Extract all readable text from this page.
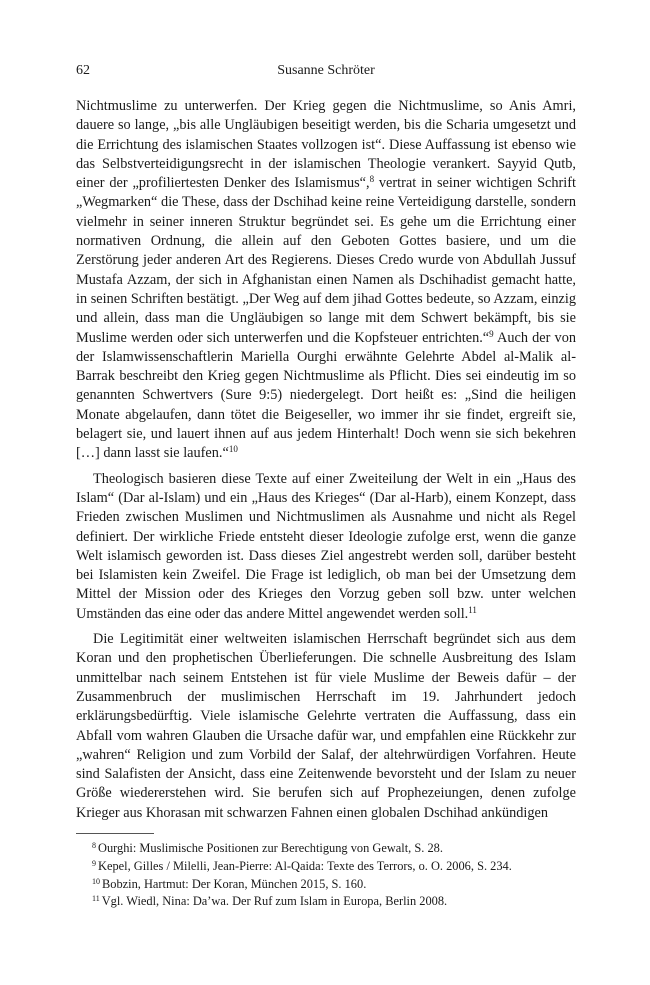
62	Susanne Schröter

Nichtmuslime zu unterwerfen. Der Krieg gegen die Nichtmuslime, so Anis Amri, dauere so lange, „bis alle Ungläubigen beseitigt werden, bis die Scharia umgesetzt und die Errichtung des islamischen Staates vollzogen ist“. Diese Auffassung ist ebenso wie das Selbstverteidigungsrecht in der islamischen Theologie verankert. Sayyid Qutb, einer der „profiliertesten Denker des Islamismus“,$^8$ vertrat in seiner wichtigen Schrift „Wegmarken“ die These, dass der Dschihad keine reine Verteidigung darstelle, sondern vielmehr in seiner inneren Struktur begründet sei. Es gehe um die Errichtung einer normativen Ordnung, die allein auf den Geboten Gottes basiere, und um die Zerstörung jeder anderen Art des Regierens. Dieses Credo wurde von Abdullah Jussuf Mustafa Azzam, der sich in Afghanistan einen Namen als Dschihadist gemacht hatte, in seinen Schriften bestätigt. „Der Weg auf dem jihad Gottes bedeute, so Azzam, einzig und allein, dass man die Ungläubigen so lange mit dem Schwert bekämpft, bis sie Muslime werden oder sich unterwerfen und die Kopfsteuer entrichten.“$^9$ Auch der von der Islamwissenschaftlerin Mariella Ourghi erwähnte Gelehrte Abdel al-Malik al-Barrak beschreibt den Krieg gegen Nichtmuslime als Pflicht. Dies sei eindeutig im so genannten Schwertvers (Sure 9:5) niedergelegt. Dort heißt es: „Sind die heiligen Monate abgelaufen, dann tötet die Beigeseller, wo immer ihr sie findet, ergreift sie, belagert sie, und lauert ihnen auf aus jedem Hinterhalt! Doch wenn sie sich bekehren […] dann lasst sie laufen.“$^{10}$

Theologisch basieren diese Texte auf einer Zweiteilung der Welt in ein „Haus des Islam“ (Dar al-Islam) und ein „Haus des Krieges“ (Dar al-Harb), einem Konzept, dass Frieden zwischen Muslimen und Nichtmuslimen als Ausnahme und nicht als Regel definiert. Der wirkliche Friede entsteht dieser Ideologie zufolge erst, wenn die ganze Welt islamisch geworden ist. Dass dieses Ziel angestrebt werden soll, darüber besteht bei Islamisten kein Zweifel. Die Frage ist lediglich, ob man bei der Umsetzung dem Mittel der Mission oder des Krieges den Vorzug geben soll bzw. unter welchen Umständen das eine oder das andere Mittel angewendet werden soll.$^{11}$

Die Legitimität einer weltweiten islamischen Herrschaft begründet sich aus dem Koran und den prophetischen Überlieferungen. Die schnelle Ausbreitung des Islam unmittelbar nach seinem Entstehen ist für viele Muslime der Beweis dafür – der Zusammenbruch der muslimischen Herrschaft im 19. Jahrhundert jedoch erklärungsbedürftig. Viele islamische Gelehrte vertraten die Auffassung, dass ein Abfall vom wahren Glauben die Ursache dafür war, und empfahlen eine Rückkehr zur „wahren“ Religion und zum Vorbild der Salaf, der altehrwürdigen Vorfahren. Heute sind Salafisten der Ansicht, dass eine Zeitenwende bevorsteht und der Islam zu neuer Größe wiedererstehen wird. Sie berufen sich auf Prophezeiungen, denen zufolge Krieger aus Khorasan mit schwarzen Fahnen einen globalen Dschihad ankündigen

$^8$ Ourghi: Muslimische Positionen zur Berechtigung von Gewalt, S. 28.

$^9$ Kepel, Gilles / Milelli, Jean-Pierre: Al-Qaida: Texte des Terrors, o. O. 2006, S. 234.

$^{10}$ Bobzin, Hartmut: Der Koran, München 2015, S. 160.

$^{11}$ Vgl. Wiedl, Nina: Da’wa. Der Ruf zum Islam in Europa, Berlin 2008.
